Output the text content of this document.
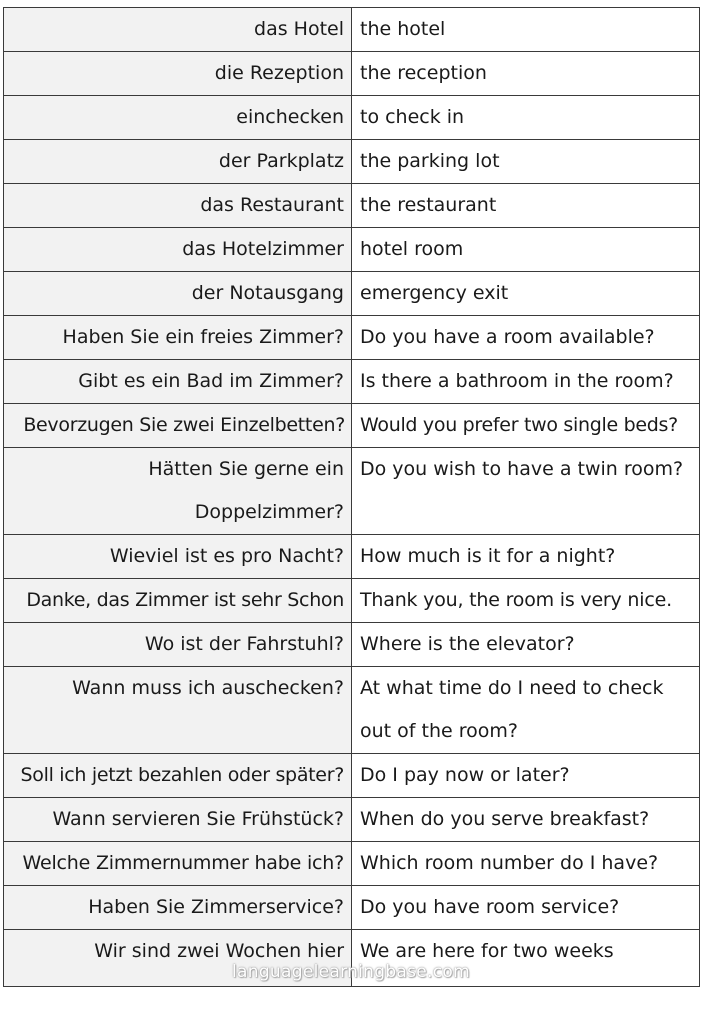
das Hotel	the hotel
die Rezeption	the reception
einchecken	to check in
der Parkplatz	the parking lot
das Restaurant	the restaurant
das Hotelzimmer	hotel room
der Notausgang	emergency exit
Haben Sie ein freies Zimmer?	Do you have a room available?
Gibt es ein Bad im Zimmer?	Is there a bathroom in the room?
Bevorzugen Sie zwei Einzelbetten?	Would you prefer two single beds?
Hätten Sie gerne ein Doppelzimmer?	Do you wish to have a twin room?
Wieviel ist es pro Nacht?	How much is it for a night?
Danke, das Zimmer ist sehr Schon	Thank you, the room is very nice.
Wo ist der Fahrstuhl?	Where is the elevator?
Wann muss ich auschecken?	At what time do I need to check out of the room?
Soll ich jetzt bezahlen oder später?	Do I pay now or later?
Wann servieren Sie Frühstück?	When do you serve breakfast?
Welche Zimmernummer habe ich?	Which room number do I have?
Haben Sie Zimmerservice?	Do you have room service?
Wir sind zwei Wochen hier	We are here for two weeks
languagelearningbase.com
